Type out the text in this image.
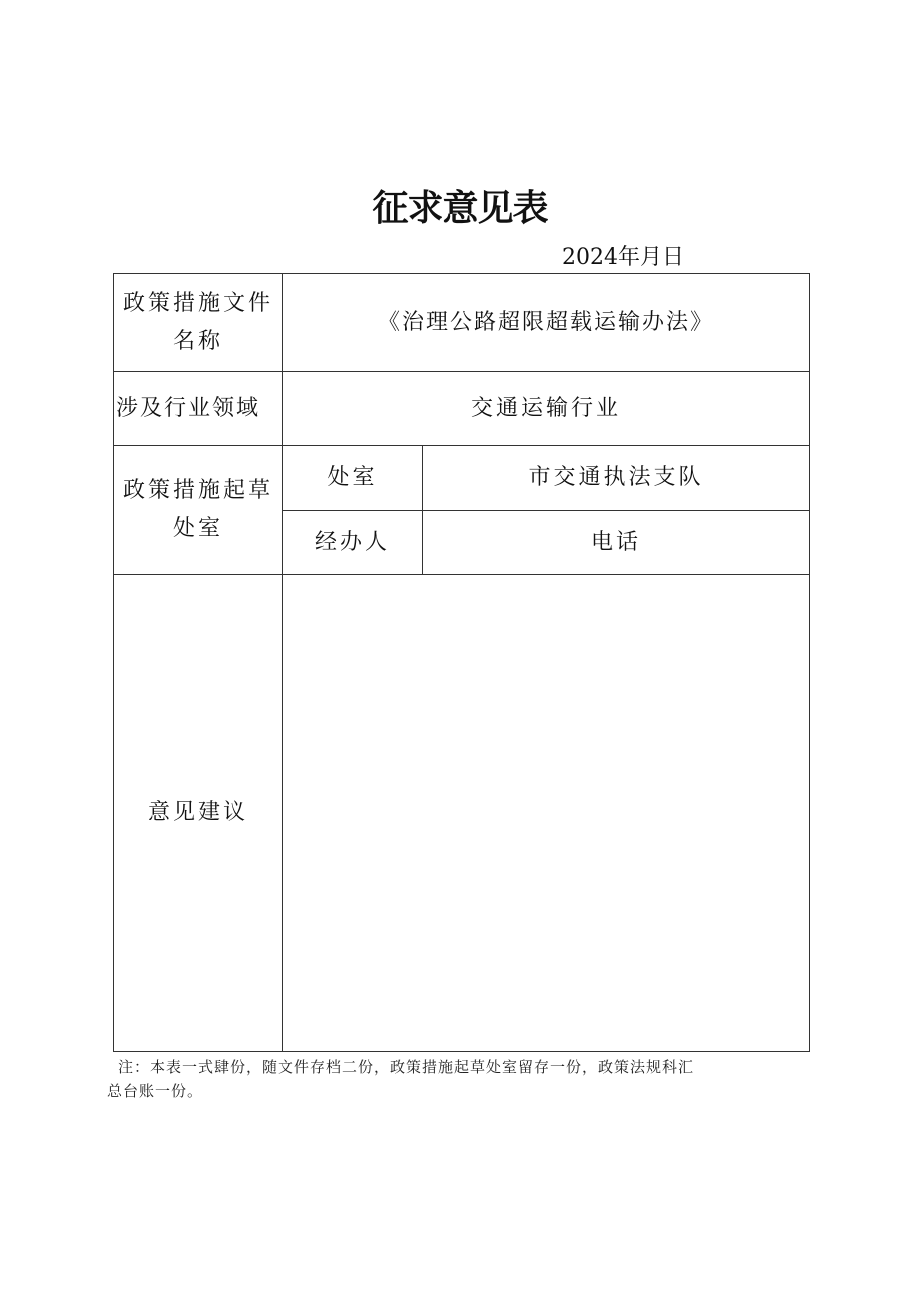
征求意见表
2024年月日
政策措施文件名称	《治理公路超限超载运输办法》	
涉及行业领域	交通运输行业	
政策措施起草处室	处室	市交通执法支队
	经办人	电话
意见建议		

注：本表一式肆份，随文件存档二份，政策措施起草处室留存一份，政策法规科汇

总台账一份。
